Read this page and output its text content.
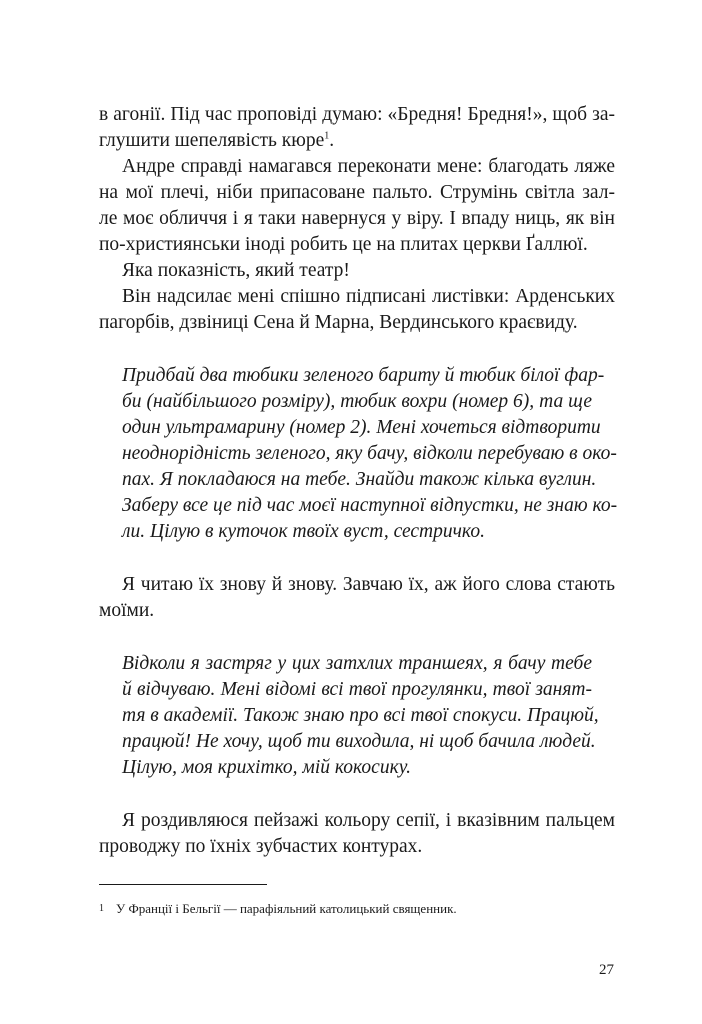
в агонії. Під час проповіді думаю: «Бредня! Бредня!», щоб за-
глушити шепелявість кюре$^1$.
Андре справді намагався переконати мене: благодать ляже
на мої плечі, ніби припасоване пальто. Струмінь світла зал-
ле моє обличчя і я таки навернуся у віру. І впаду ниць, як він
по-християнськи іноді робить це на плитах церкви Ґаллюї.
Яка показність, який театр!
Він надсилає мені спішно підписані листівки: Арденських
пагорбів, дзвіниці Сена й Марна, Вердинського краєвиду.
Придбай два тюбики зеленого бариту й тюбик білої фар-
би (найбільшого розміру), тюбик вохри (номер 6), та ще
один ультрамарину (номер 2). Мені хочеться відтворити
неоднорідність зеленого, яку бачу, відколи перебуваю в око-
пах. Я покладаюся на тебе. Знайди також кілька вуглин.
Заберу все це під час моєї наступної відпустки, не знаю ко-
ли. Цілую в куточок твоїх вуст, сестричко.
Я читаю їх знову й знову. Завчаю їх, аж його слова стають
моїми.
Відколи я застряг у цих затхлих траншеях, я бачу тебе
й відчуваю. Мені відомі всі твої прогулянки, твої занят-
тя в академії. Також знаю про всі твої спокуси. Працюй,
працюй! Не хочу, щоб ти виходила, ні щоб бачила людей.
Цілую, моя крихітко, мій кокосику.
Я роздивляюся пейзажі кольору сепії, і вказівним пальцем
проводжу по їхніх зубчастих контурах.
$^1$ У Франції і Бельгії — парафіяльний католицький священник.
27
